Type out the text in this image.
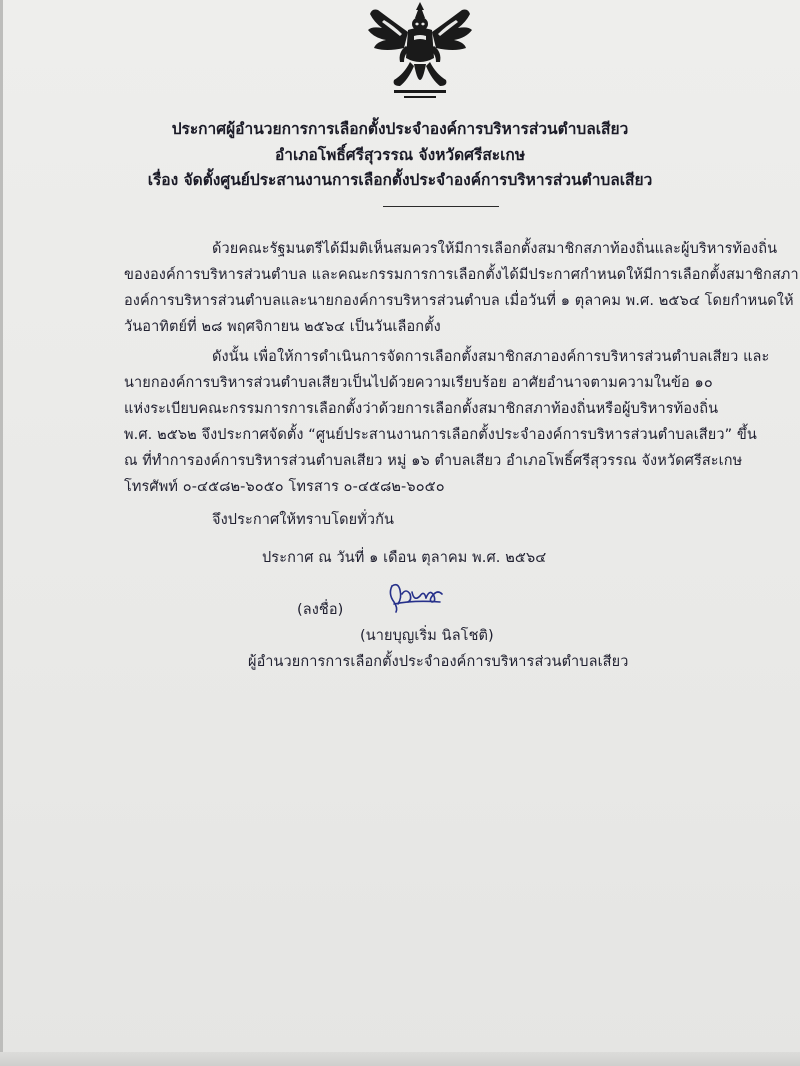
ประกาศผู้อำนวยการการเลือกตั้งประจำองค์การบริหารส่วนตำบลเสียว
อำเภอโพธิ์ศรีสุวรรณ จังหวัดศรีสะเกษ
เรื่อง จัดตั้งศูนย์ประสานงานการเลือกตั้งประจำองค์การบริหารส่วนตำบลเสียว
ด้วยคณะรัฐมนตรีได้มีมติเห็นสมควรให้มีการเลือกตั้งสมาชิกสภาท้องถิ่นและผู้บริหารท้องถิ่น
ขององค์การบริหารส่วนตำบล และคณะกรรมการการเลือกตั้งได้มีประกาศกำหนดให้มีการเลือกตั้งสมาชิกสภา
องค์การบริหารส่วนตำบลและนายกองค์การบริหารส่วนตำบล เมื่อวันที่ ๑ ตุลาคม พ.ศ. ๒๕๖๔ โดยกำหนดให้
วันอาทิตย์ที่ ๒๘ พฤศจิกายน ๒๕๖๔ เป็นวันเลือกตั้ง
ดังนั้น เพื่อให้การดำเนินการจัดการเลือกตั้งสมาชิกสภาองค์การบริหารส่วนตำบลเสียว และ
นายกองค์การบริหารส่วนตำบลเสียวเป็นไปด้วยความเรียบร้อย อาศัยอำนาจตามความในข้อ ๑๐
แห่งระเบียบคณะกรรมการการเลือกตั้งว่าด้วยการเลือกตั้งสมาชิกสภาท้องถิ่นหรือผู้บริหารท้องถิ่น
พ.ศ. ๒๕๖๒ จึงประกาศจัดตั้ง “ศูนย์ประสานงานการเลือกตั้งประจำองค์การบริหารส่วนตำบลเสียว” ขึ้น
ณ ที่ทำการองค์การบริหารส่วนตำบลเสียว หมู่ ๑๖ ตำบลเสียว อำเภอโพธิ์ศรีสุวรรณ จังหวัดศรีสะเกษ
โทรศัพท์ ๐-๔๕๘๒-๖๐๕๐ โทรสาร ๐-๔๕๘๒-๖๐๕๐
จึงประกาศให้ทราบโดยทั่วกัน
ประกาศ ณ วันที่ ๑ เดือน ตุลาคม พ.ศ. ๒๕๖๔
(ลงชื่อ)
(นายบุญเริ่ม นิลโชติ)
ผู้อำนวยการการเลือกตั้งประจำองค์การบริหารส่วนตำบลเสียว
